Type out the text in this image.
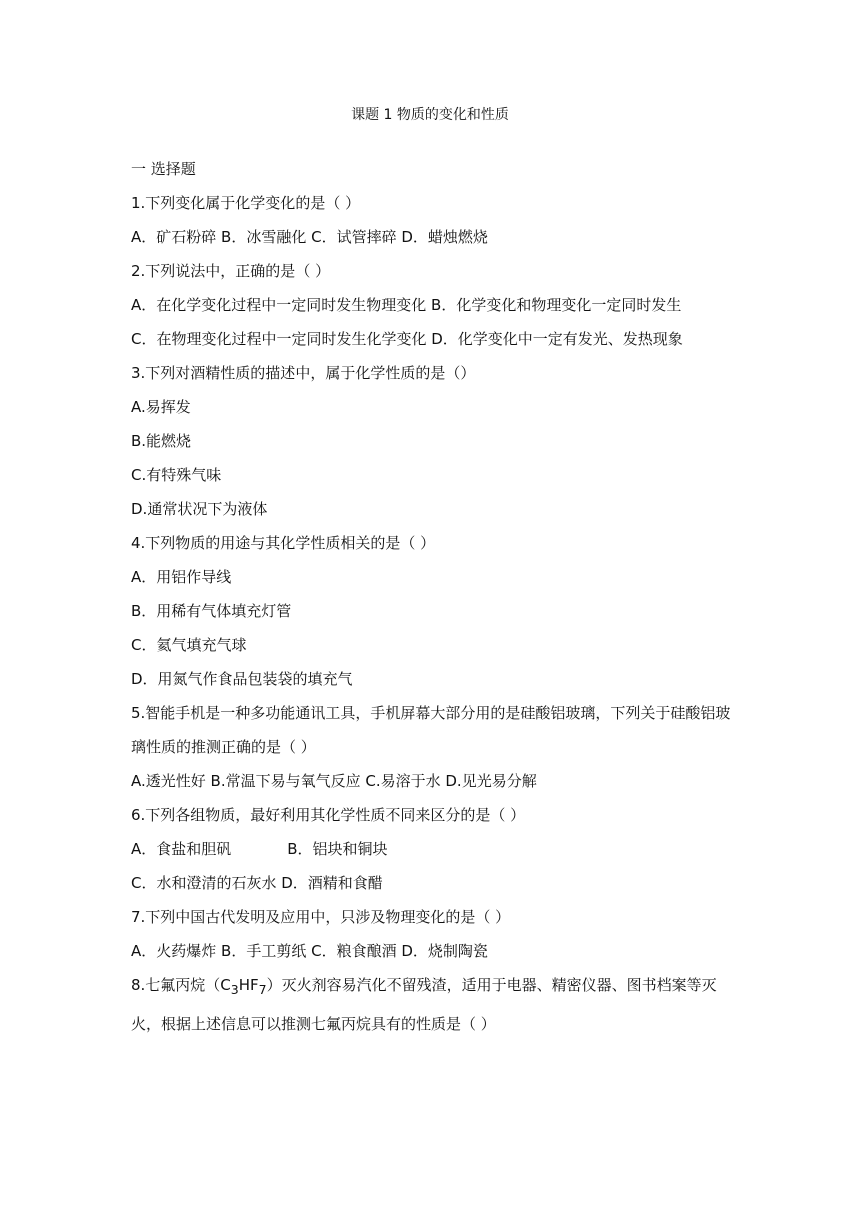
课题 1 物质的变化和性质
一 选择题
1.下列变化属于化学变化的是（ ）
A．矿石粉碎 B．冰雪融化 C．试管摔碎 D．蜡烛燃烧
2.下列说法中，正确的是（ ）
A．在化学变化过程中一定同时发生物理变化 B．化学变化和物理变化一定同时发生
C．在物理变化过程中一定同时发生化学变化 D．化学变化中一定有发光、发热现象
3.下列对酒精性质的描述中，属于化学性质的是（）
A.易挥发
B.能燃烧
C.有特殊气味
D.通常状况下为液体
4.下列物质的用途与其化学性质相关的是（ ）
A．用铝作导线
B．用稀有气体填充灯管
C．氦气填充气球
D．用氮气作食品包装袋的填充气
5.智能手机是一种多功能通讯工具，手机屏幕大部分用的是硅酸铝玻璃，下列关于硅酸铝玻璃性质的推测正确的是（ ）
A.透光性好 B.常温下易与氧气反应 C.易溶于水 D.见光易分解
6.下列各组物质，最好利用其化学性质不同来区分的是（ ）
A．食盐和胆矾	B．铝块和铜块
C．水和澄清的石灰水 D．酒精和食醋
7.下列中国古代发明及应用中，只涉及物理变化的是（ ）
A．火药爆炸 B．手工剪纸 C．粮食酿酒 D．烧制陶瓷
8.七氟丙烷$(C_3HF_7)$灭火剂容易汽化不留残渣，适用于电器、精密仪器、图书档案等灭火，根据上述信息可以推测七氟丙烷具有的性质是（ ）
